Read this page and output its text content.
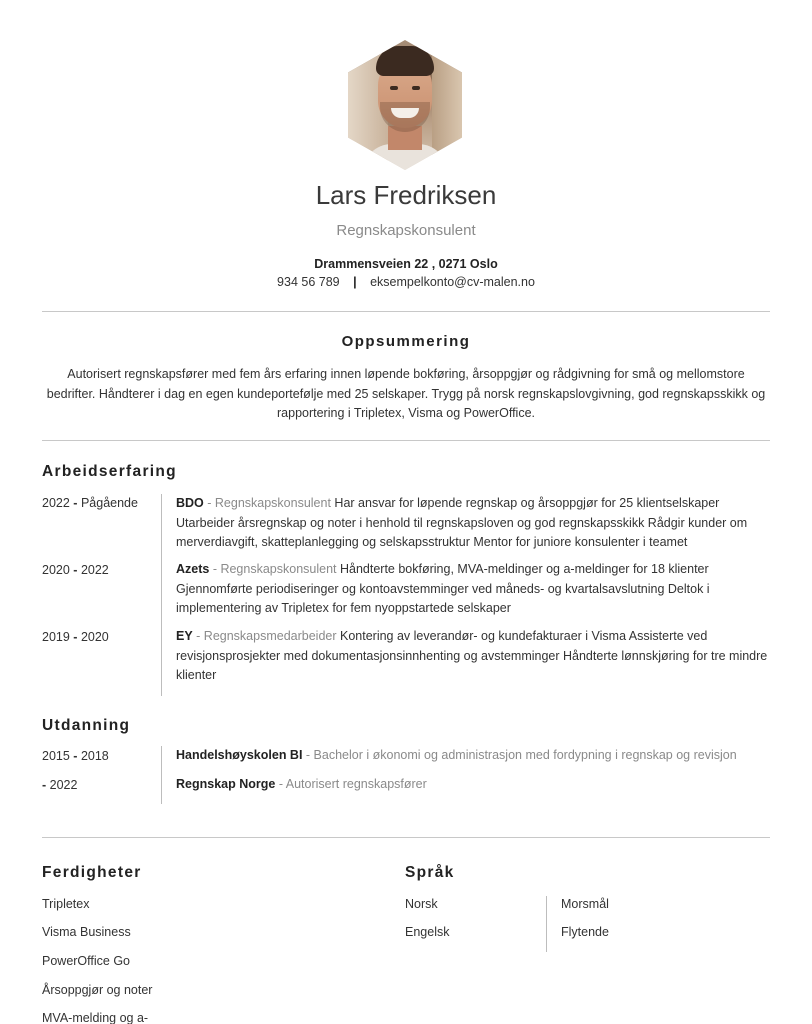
Lars Fredriksen
Regnskapskonsulent
Drammensveien 22 , 0271 Oslo
934 56 789 | eksempelkonto@cv-malen.no
Oppsummering
Autorisert regnskapsfører med fem års erfaring innen løpende bokføring, årsoppgjør og rådgivning for små og mellomstore bedrifter. Håndterer i dag en egen kundeportefølje med 25 selskaper. Trygg på norsk regnskapslovgivning, god regnskapsskikk og rapportering i Tripletex, Visma og PowerOffice.
Arbeidserfaring
2022 - Pågående	BDO - Regnskapskonsulent Har ansvar for løpende regnskap og årsoppgjør for 25 klientselskaper Utarbeider årsregnskap og noter i henhold til regnskapsloven og god regnskapsskikk Rådgir kunder om merverdiavgift, skatteplanlegging og selskapsstruktur Mentor for juniore konsulenter i teamet
2020 - 2022	Azets - Regnskapskonsulent Håndterte bokføring, MVA-meldinger og a-meldinger for 18 klienter Gjennomførte periodiseringer og kontoavstemminger ved måneds- og kvartalsavslutning Deltok i implementering av Tripletex for fem nyoppstartede selskaper
2019 - 2020	EY - Regnskapsmedarbeider Kontering av leverandør- og kundefakturaer i Visma Assisterte ved revisjonsprosjekter med dokumentasjonsinnhenting og avstemminger Håndterte lønnskjøring for tre mindre klienter
Utdanning
2015 - 2018	Handelshøyskolen BI - Bachelor i økonomi og administrasjon med fordypning i regnskap og revisjon
- 2022	Regnskap Norge - Autorisert regnskapsfører
Ferdigheter
Tripletex
Visma Business
PowerOffice Go
Årsoppgjør og noter
MVA-melding og a-
Språk
Norsk	Morsmål
Engelsk	Flytende
